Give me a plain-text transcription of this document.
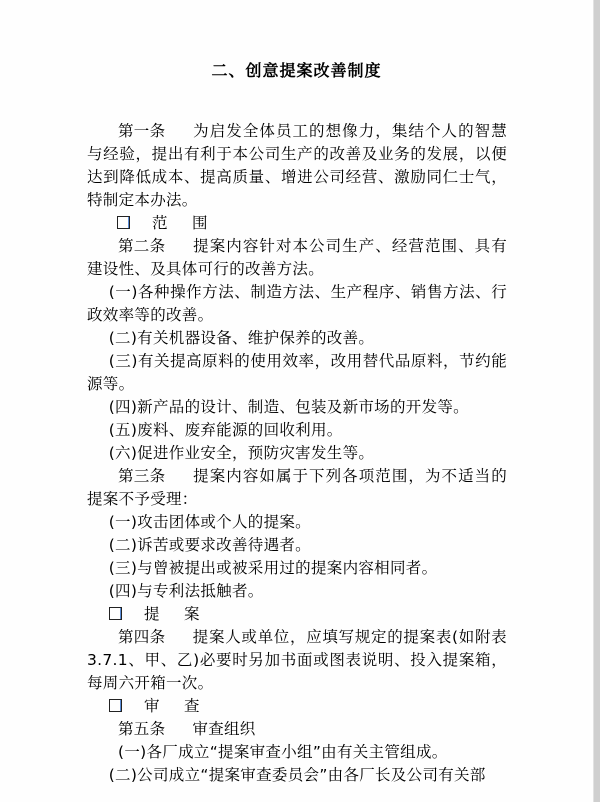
二、创意提案改善制度

第一条 为启发全体员工的想像力，集结个人的智慧与经验，提出有利于本公司生产的改善及业务的发展，以便达到降低成本、提高质量、增进公司经营、激励同仁士气，特制定本办法。

范 围

第二条 提案内容针对本公司生产、经营范围、具有建设性、及具体可行的改善方法。

(一)各种操作方法、制造方法、生产程序、销售方法、行政效率等的改善。

(二)有关机器设备、维护保养的改善。

(三)有关提高原料的使用效率，改用替代品原料，节约能源等。

(四)新产品的设计、制造、包装及新市场的开发等。

(五)废料、废弃能源的回收利用。

(六)促进作业安全，预防灾害发生等。

第三条 提案内容如属于下列各项范围，为不适当的提案不予受理：

(一)攻击团体或个人的提案。

(二)诉苦或要求改善待遇者。

(三)与曾被提出或被采用过的提案内容相同者。

(四)与专利法抵触者。

提 案

第四条 提案人或单位，应填写规定的提案表(如附表3.7.1、甲、乙)必要时另加书面或图表说明、投入提案箱，每周六开箱一次。

审 查

第五条 审查组织

(一)各厂成立“提案审查小组”由有关主管组成。

(二)公司成立“提案审查委员会”由各厂长及公司有关部
